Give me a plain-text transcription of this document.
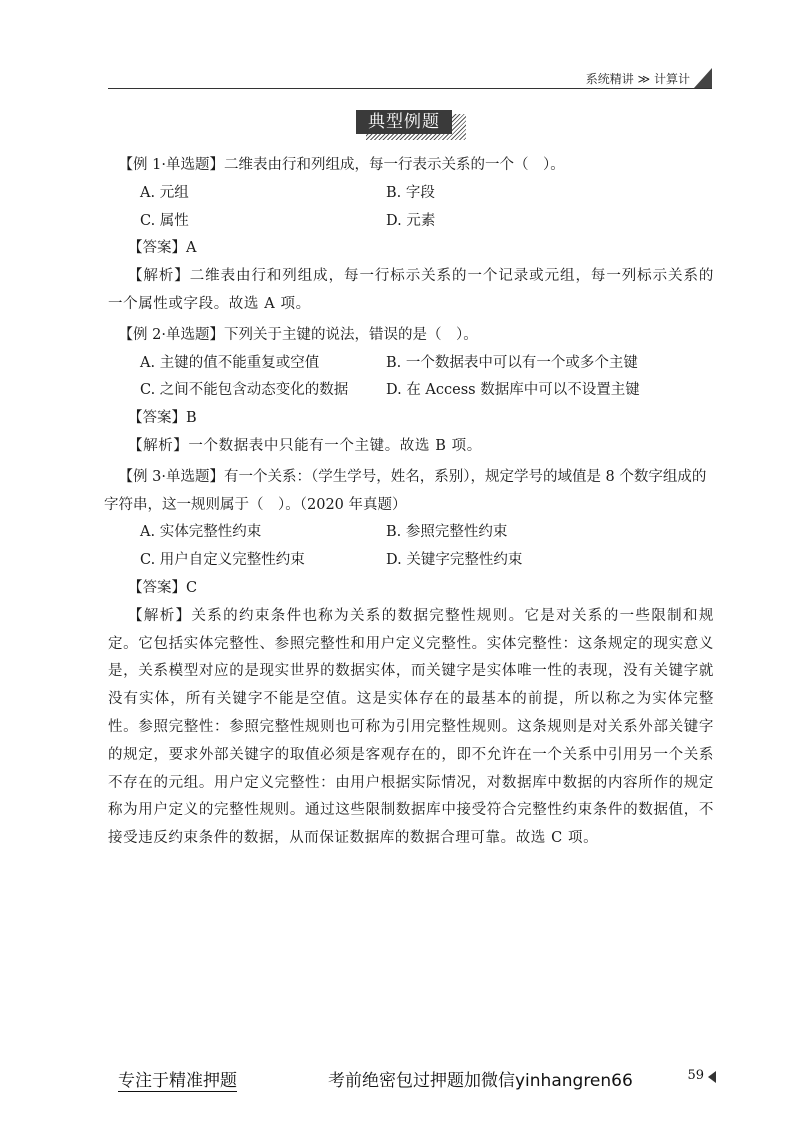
系统精讲 ≫ 计算计
典型例题
【例 1·单选题】二维表由行和列组成，每一行表示关系的一个（　）。
A. 元组	B. 字段
C. 属性	D. 元素
【答案】A
【解析】二维表由行和列组成，每一行标示关系的一个记录或元组，每一列标示关系的一个属性或字段。故选 A 项。
【例 2·单选题】下列关于主键的说法，错误的是（　）。
A. 主键的值不能重复或空值	B. 一个数据表中可以有一个或多个主键
C. 之间不能包含动态变化的数据	D. 在 Access 数据库中可以不设置主键
【答案】B
【解析】一个数据表中只能有一个主键。故选 B 项。
【例 3·单选题】有一个关系：（学生学号，姓名，系别），规定学号的域值是 8 个数字组成的字符串，这一规则属于（　）。（2020 年真题）
A. 实体完整性约束	B. 参照完整性约束
C. 用户自定义完整性约束	D. 关键字完整性约束
【答案】C
【解析】关系的约束条件也称为关系的数据完整性规则。它是对关系的一些限制和规定。它包括实体完整性、参照完整性和用户定义完整性。实体完整性：这条规定的现实意义是，关系模型对应的是现实世界的数据实体，而关键字是实体唯一性的表现，没有关键字就没有实体，所有关键字不能是空值。这是实体存在的最基本的前提，所以称之为实体完整性。参照完整性：参照完整性规则也可称为引用完整性规则。这条规则是对关系外部关键字的规定，要求外部关键字的取值必须是客观存在的，即不允许在一个关系中引用另一个关系不存在的元组。用户定义完整性：由用户根据实际情况，对数据库中数据的内容所作的规定称为用户定义的完整性规则。通过这些限制数据库中接受符合完整性约束条件的数据值，不接受违反约束条件的数据，从而保证数据库的数据合理可靠。故选 C 项。
专注于精准押题	考前绝密包过押题加微信yinhangren66	59
